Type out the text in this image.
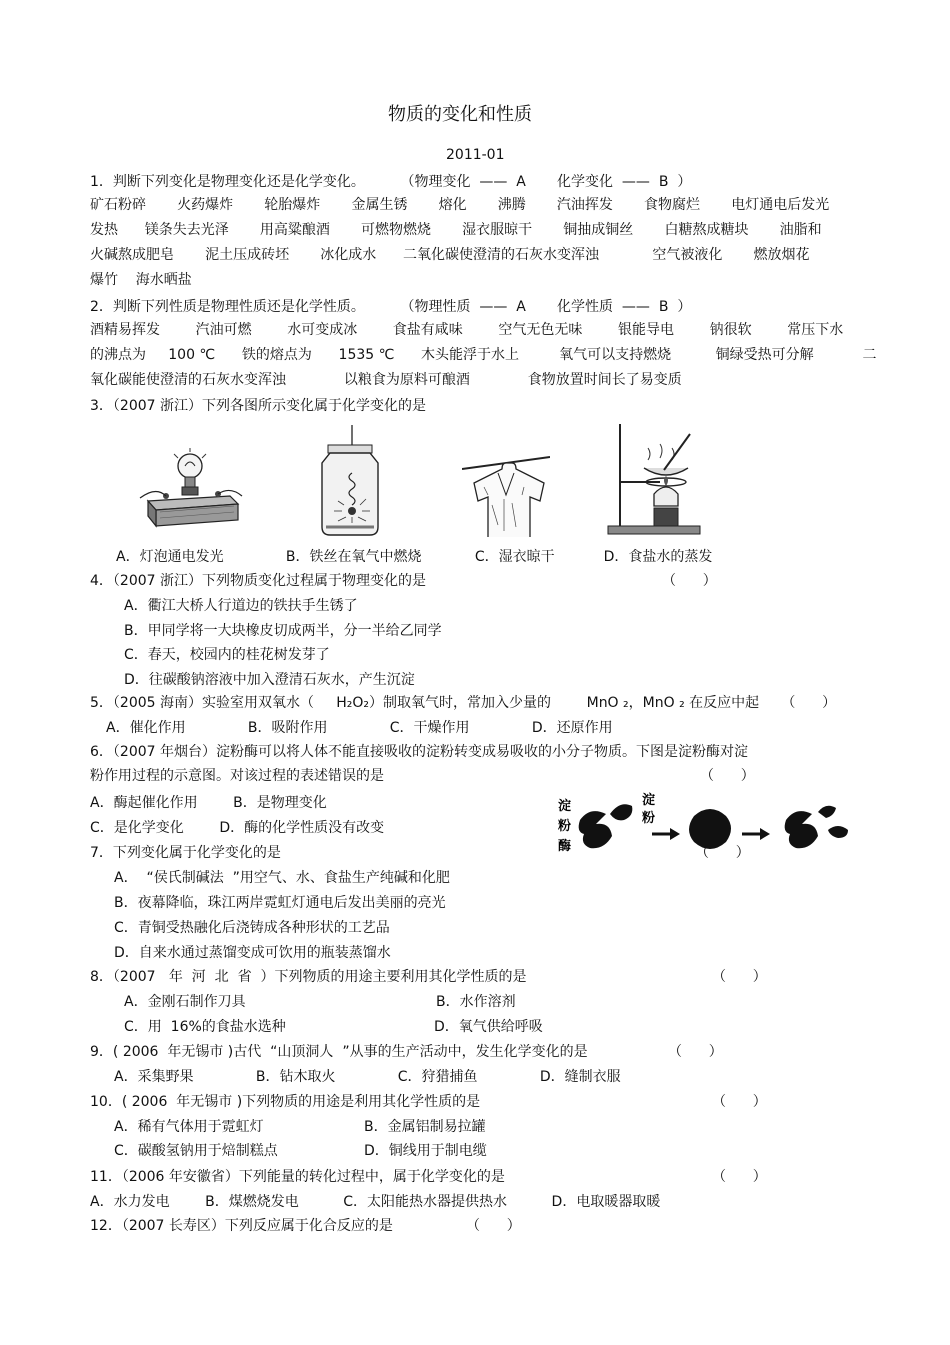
物质的变化和性质
2011-01
1．判断下列变化是物理变化还是化学变化。        （物理变化  ——  A       化学变化  ——  B  ）
矿石粉碎       火药爆炸       轮胎爆炸       金属生锈       熔化       沸腾       汽油挥发       食物腐烂       电灯通电后发光
发热      镁条失去光泽       用高粱酿酒       可燃物燃烧       湿衣服晾干       铜抽成铜丝       白糖熬成糖块       油脂和
火碱熬成肥皂       泥土压成砖坯       冰化成水      二氧化碳使澄清的石灰水变浑浊            空气被液化       燃放烟花
爆竹    海水晒盐
2．判断下列性质是物理性质还是化学性质。        （物理性质  ——  A       化学性质  ——  B  ）
酒精易挥发        汽油可燃        水可变成冰        食盐有咸味        空气无色无味        银能导电        钠很软        常压下水
的沸点为     100 ℃      铁的熔点为      1535 ℃      木头能浮于水上         氧气可以支持燃烧          铜绿受热可分解           二
氧化碳能使澄清的石灰水变浑浊             以粮食为原料可酿酒             食物放置时间长了易变质
3．（2007 浙江）下列各图所示变化属于化学变化的是
A．灯泡通电发光              B．铁丝在氧气中燃烧            C．湿衣晾干           D．食盐水的蒸发
4．（2007 浙江）下列物质变化过程属于物理变化的是	（      ）
A．衢江大桥人行道边的铁扶手生锈了
B．甲同学将一大块橡皮切成两半，分一半给乙同学
C．春天，校园内的桂花树发芽了
D．往碳酸钠溶液中加入澄清石灰水，产生沉淀
5．（2005 海南）实验室用双氧水（     H₂O₂）制取氧气时，常加入少量的        MnO ₂，MnO ₂ 在反应中起     （      ）
A．催化作用              B．吸附作用              C．干燥作用              D．还原作用
6．（2007 年烟台）淀粉酶可以将人体不能直接吸收的淀粉转变成易吸收的小分子物质。下图是淀粉酶对淀
粉作用过程的示意图。对该过程的表述错误的是	（      ）
A．酶起催化作用        B．是物理变化
C．是化学变化        D．酶的化学性质没有改变
淀
粉
酶
淀
粉
7．下列变化属于化学变化的是	（      ）
A．  “侯氏制碱法  ”用空气、水、食盐生产纯碱和化肥
B．夜幕降临，珠江两岸霓虹灯通电后发出美丽的亮光
C．青铜受热融化后浇铸成各种形状的工艺品
D．自来水通过蒸馏变成可饮用的瓶装蒸馏水
8．（2007   年  河  北  省  ）下列物质的用途主要利用其化学性质的是	（      ）
A．金刚石制作刀具	B．水作溶剂
C．用  16%的食盐水选种	D．氧气供给呼吸
9．( 2006  年无锡市 )古代  “山顶洞人  ”从事的生产活动中，发生化学变化的是	（      ）
A．采集野果              B．钻木取火              C．狩猎捕鱼              D．缝制衣服
10．( 2006  年无锡市 )下列物质的用途是利用其化学性质的是	（      ）
A．稀有气体用于霓虹灯	B．金属铝制易拉罐
C．碳酸氢钠用于焙制糕点	D．铜线用于制电缆
11．（2006 年安徽省）下列能量的转化过程中，属于化学变化的是	（      ）
A．水力发电        B．煤燃烧发电          C．太阳能热水器提供热水          D．电取暖器取暖
12．（2007 长寿区）下列反应属于化合反应的是	（      ）
